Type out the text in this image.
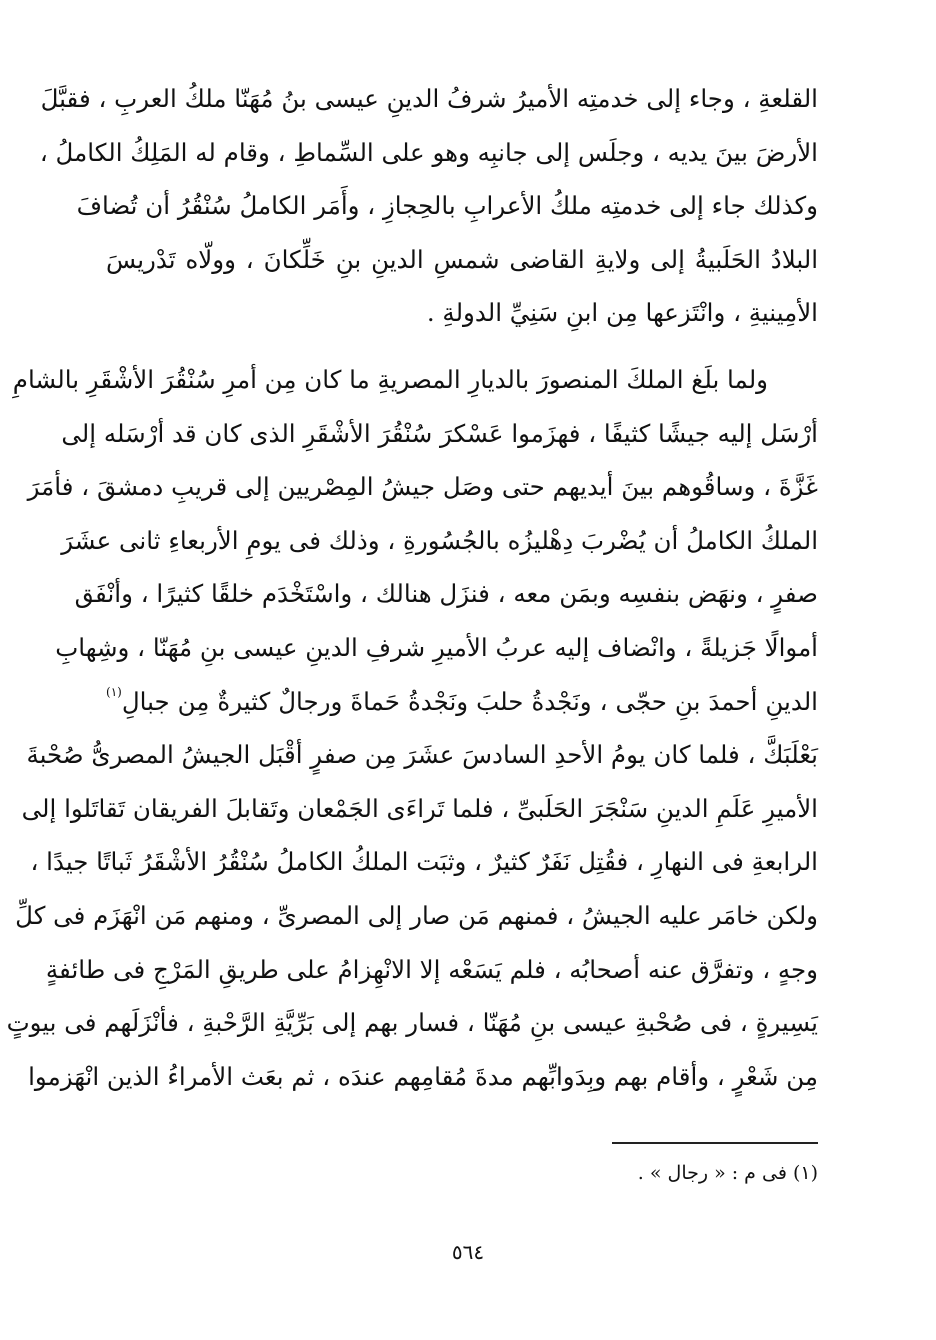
القلعةِ ، وجاء إلى خدمتِه الأميرُ شرفُ الدينِ عيسى بنُ مُهَنّا ملكُ العربِ ، فقبَّلَ
الأرضَ بينَ يديه ، وجلَس إلى جانبِه وهو على السِّماطِ ، وقام له المَلِكُ الكاملُ ،
وكذلك جاء إلى خدمتِه ملكُ الأعرابِ بالحِجازِ ، وأَمَر الكاملُ سُنْقُرُ أن تُضافَ
البلادُ الحَلَبيةُ إلى ولايةِ القاضى شمسِ الدينِ بنِ خَلِّكانَ ، وولّاه تَدْريسَ
الأمِينيةِ ، وانْتَزعها مِن ابنِ سَنِيِّ الدولةِ .
ولما بلَغ الملكَ المنصورَ بالديارِ المصريةِ ما كان مِن أمرِ سُنْقُرَ الأشْقَرِ بالشامِ
أرْسَل إليه جيشًا كثيفًا ، فهزَموا عَسْكرَ سُنْقُرَ الأشْقَرِ الذى كان قد أرْسَله إلى
غَزَّةَ ، وساقُوهم بينَ أيديهم حتى وصَل جيشُ المِصْريين إلى قريبِ دمشقَ ، فأمَرَ
الملكُ الكاملُ أن يُضْربَ دِهْليزُه بالجُسُورةِ ، وذلك فى يومِ الأربعاءِ ثانى عشَرَ
صفرٍ ، ونهَض بنفسِه وبمَن معه ، فنزَل هنالك ، واسْتَخْدَم خلقًا كثيرًا ، وأنْفَق
أموالًا جَزيلةً ، وانْضاف إليه عربُ الأميرِ شرفِ الدينِ عيسى بنِ مُهَنّا ، وشِهابِ
الدينِ أحمدَ بنِ حجّى ، ونَجْدةُ حلبَ ونَجْدةُ حَماةَ ورجالٌ كثيرةٌ مِن جبالِ$^{(١)}$
بَعْلَبَكَّ ، فلما كان يومُ الأحدِ السادسَ عشَرَ مِن صفرٍ أقْبَل الجيشُ المصرىُّ صُحْبةَ
الأميرِ عَلَمِ الدينِ سَنْجَرَ الحَلَبىِّ ، فلما تَراءَى الجَمْعان وتَقابلَ الفريقان تَقاتَلوا إلى
الرابعةِ فى النهارِ ، فقُتِل نَفَرٌ كثيرٌ ، وثبَت الملكُ الكاملُ سُنْقُرُ الأشْقَرُ ثَباتًا جيدًا ،
ولكن خامَر عليه الجيشُ ، فمنهم مَن صار إلى المصرىِّ ، ومنهم مَن انْهَزَم فى كلِّ
وجهٍ ، وتفرَّق عنه أصحابُه ، فلم يَسَعْه إلا الانْهِزامُ على طريقِ المَرْجِ فى طائفةٍ
يَسِيرةٍ ، فى صُحْبةِ عيسى بنِ مُهَنّا ، فسار بهم إلى بَرِّيَّةِ الرَّحْبةِ ، فأنْزَلَهم فى بيوتٍ
مِن شَعْرٍ ، وأقام بهم وبِدَوابِّهم مدةَ مُقامِهم عندَه ، ثم بعَث الأمراءُ الذين انْهَزموا
(١) فى م : « رجال » .
٥٦٤
